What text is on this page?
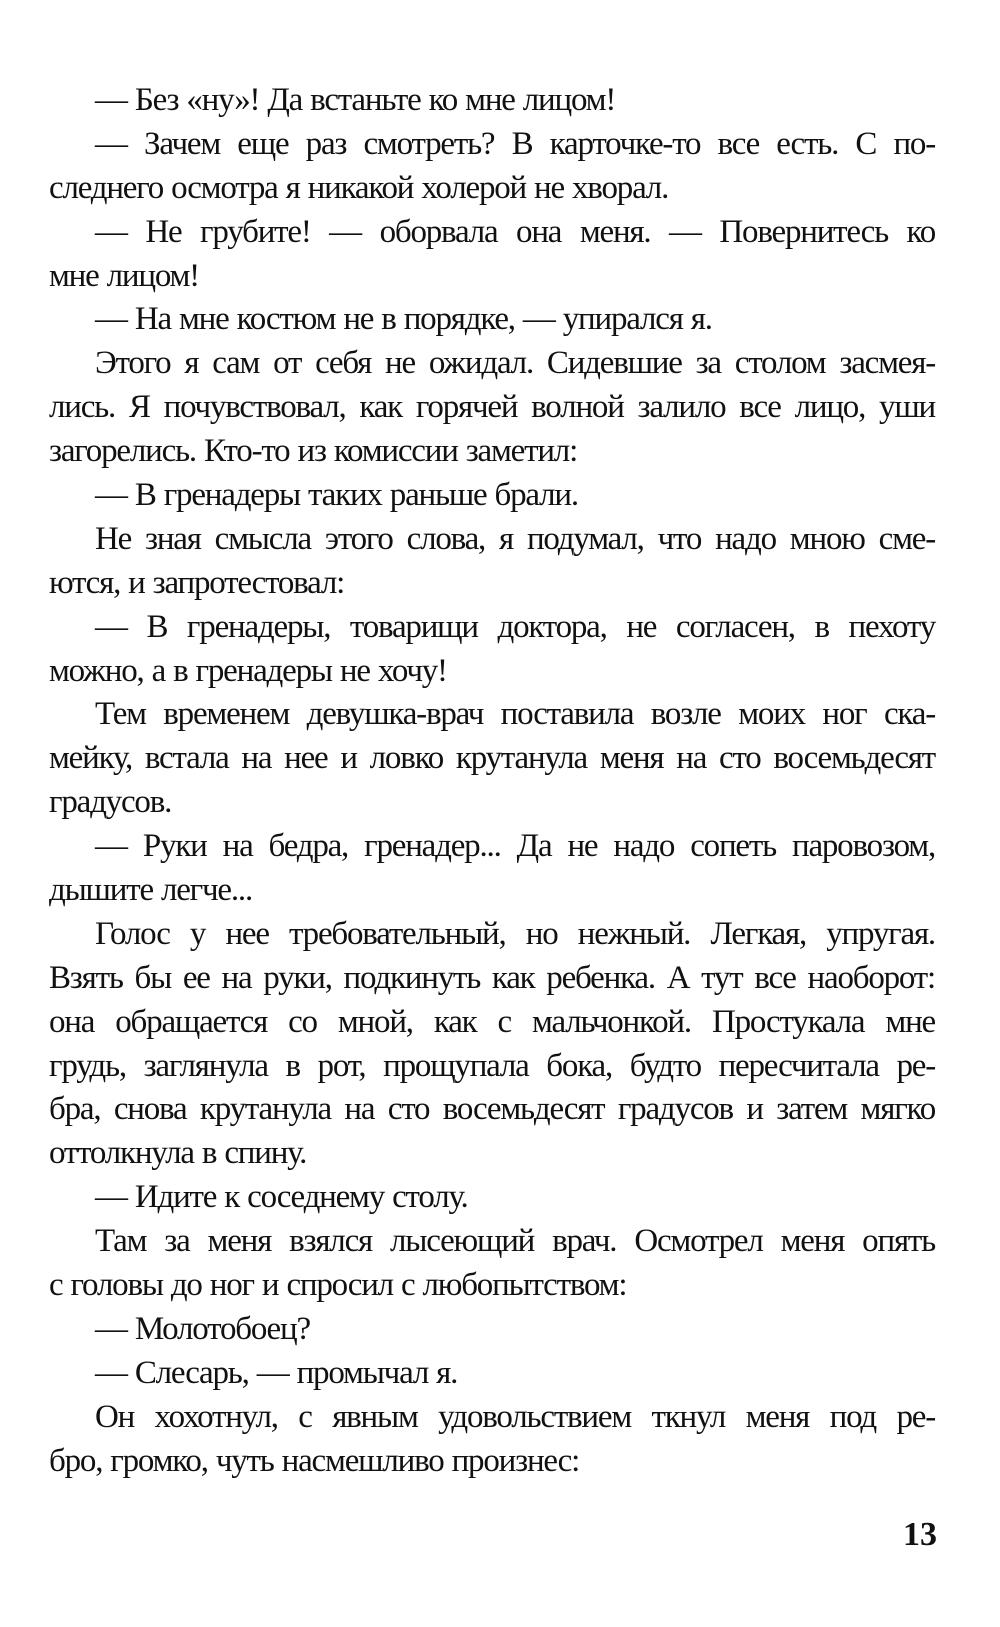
— Без «ну»! Да встаньте ко мне лицом!
— Зачем еще раз смотреть? В карточке-то все есть. С по-
следнего осмотра я никакой холерой не хворал.
— Не грубите! — оборвала она меня. — Повернитесь ко
мне лицом!
— На мне костюм не в порядке, — упирался я.
Этого я сам от себя не ожидал. Сидевшие за столом засмея-
лись. Я почувствовал, как горячей волной залило все лицо, уши
загорелись. Кто-то из комиссии заметил:
— В гренадеры таких раньше брали.
Не зная смысла этого слова, я подумал, что надо мною сме-
ются, и запротестовал:
— В гренадеры, товарищи доктора, не согласен, в пехоту
можно, а в гренадеры не хочу!
Тем временем девушка-врач поставила возле моих ног ска-
мейку, встала на нее и ловко крутанула меня на сто восемьдесят
градусов.
— Руки на бедра, гренадер... Да не надо сопеть паровозом,
дышите легче...
Голос у нее требовательный, но нежный. Легкая, упругая.
Взять бы ее на руки, подкинуть как ребенка. А тут все наоборот:
она обращается со мной, как с мальчонкой. Простукала мне
грудь, заглянула в рот, прощупала бока, будто пересчитала ре-
бра, снова крутанула на сто восемьдесят градусов и затем мягко
оттолкнула в спину.
— Идите к соседнему столу.
Там за меня взялся лысеющий врач. Осмотрел меня опять
с головы до ног и спросил с любопытством:
— Молотобоец?
— Слесарь, — промычал я.
Он хохотнул, с явным удовольствием ткнул меня под ре-
бро, громко, чуть насмешливо произнес:
13
